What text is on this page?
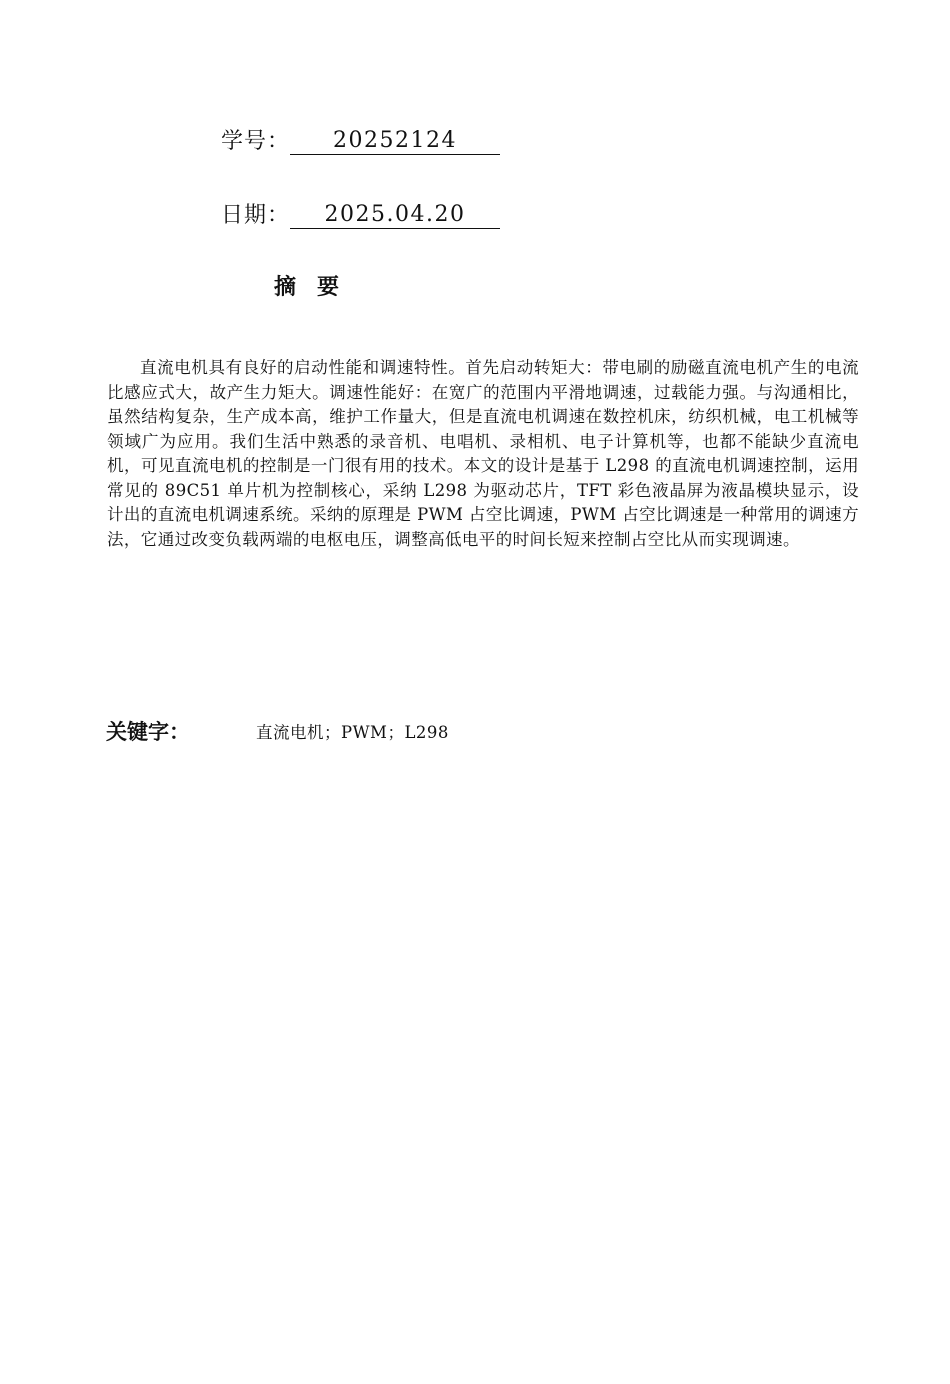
学号：	20252124
日期：	2025.04.20
摘 要

直流电机具有良好的启动性能和调速特性。首先启动转矩大：带电刷的励磁直流电机产生的电流比感应式大，故产生力矩大。调速性能好：在宽广的范围内平滑地调速，过载能力强。与沟通相比，虽然结构复杂，生产成本高，维护工作量大，但是直流电机调速在数控机床，纺织机械，电工机械等领域广为应用。我们生活中熟悉的录音机、电唱机、录相机、电子计算机等，也都不能缺少直流电机，可见直流电机的控制是一门很有用的技术。本文的设计是基于 L298 的直流电机调速控制，运用常见的 89C51 单片机为控制核心，采纳 L298 为驱动芯片，TFT 彩色液晶屏为液晶模块显示，设计出的直流电机调速系统。采纳的原理是 PWM 占空比调速，PWM 占空比调速是一种常用的调速方法，它通过改变负载两端的电枢电压，调整高低电平的时间长短来控制占空比从而实现调速。

关键字：	直流电机；PWM；L298
